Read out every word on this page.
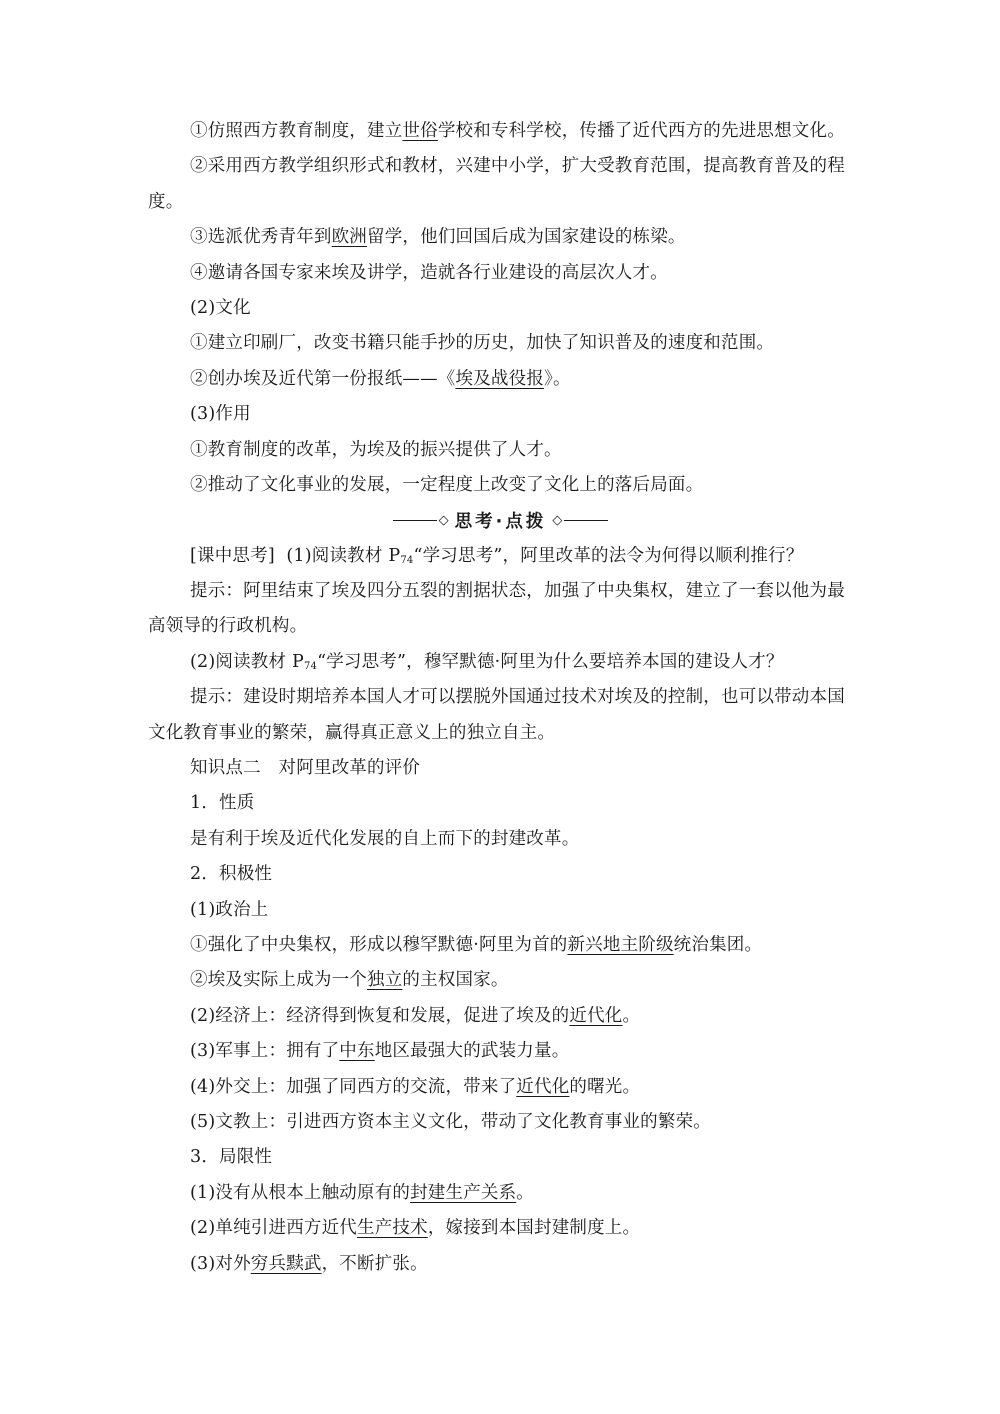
①仿照西方教育制度，建立世俗学校和专科学校，传播了近代西方的先进思想文化。
②采用西方教学组织形式和教材，兴建中小学，扩大受教育范围，提高教育普及的程
度。
③选派优秀青年到欧洲留学，他们回国后成为国家建设的栋梁。
④邀请各国专家来埃及讲学，造就各行业建设的高层次人才。
(2)文化
①建立印刷厂，改变书籍只能手抄的历史，加快了知识普及的速度和范围。
②创办埃及近代第一份报纸——《埃及战役报》。
(3)作用
①教育制度的改革，为埃及的振兴提供了人才。
②推动了文化事业的发展，一定程度上改变了文化上的落后局面。
◇ 思考·点拨 ◇
[课中思考] (1)阅读教材 $P_{74}“$学习思考”，阿里改革的法令为何得以顺利推行？
提示：阿里结束了埃及四分五裂的割据状态，加强了中央集权，建立了一套以他为最
高领导的行政机构。
(2)阅读教材 $P_{74}“$学习思考”，穆罕默德·阿里为什么要培养本国的建设人才？
提示：建设时期培养本国人才可以摆脱外国通过技术对埃及的控制，也可以带动本国
文化教育事业的繁荣，赢得真正意义上的独立自主。
知识点二　对阿里改革的评价
1．性质
是有利于埃及近代化发展的自上而下的封建改革。
2．积极性
(1)政治上
①强化了中央集权，形成以穆罕默德·阿里为首的新兴地主阶级统治集团。
②埃及实际上成为一个独立的主权国家。
(2)经济上：经济得到恢复和发展，促进了埃及的近代化。
(3)军事上：拥有了中东地区最强大的武装力量。
(4)外交上：加强了同西方的交流，带来了近代化的曙光。
(5)文教上：引进西方资本主义文化，带动了文化教育事业的繁荣。
3．局限性
(1)没有从根本上触动原有的封建生产关系。
(2)单纯引进西方近代生产技术，嫁接到本国封建制度上。
(3)对外穷兵黩武，不断扩张。
